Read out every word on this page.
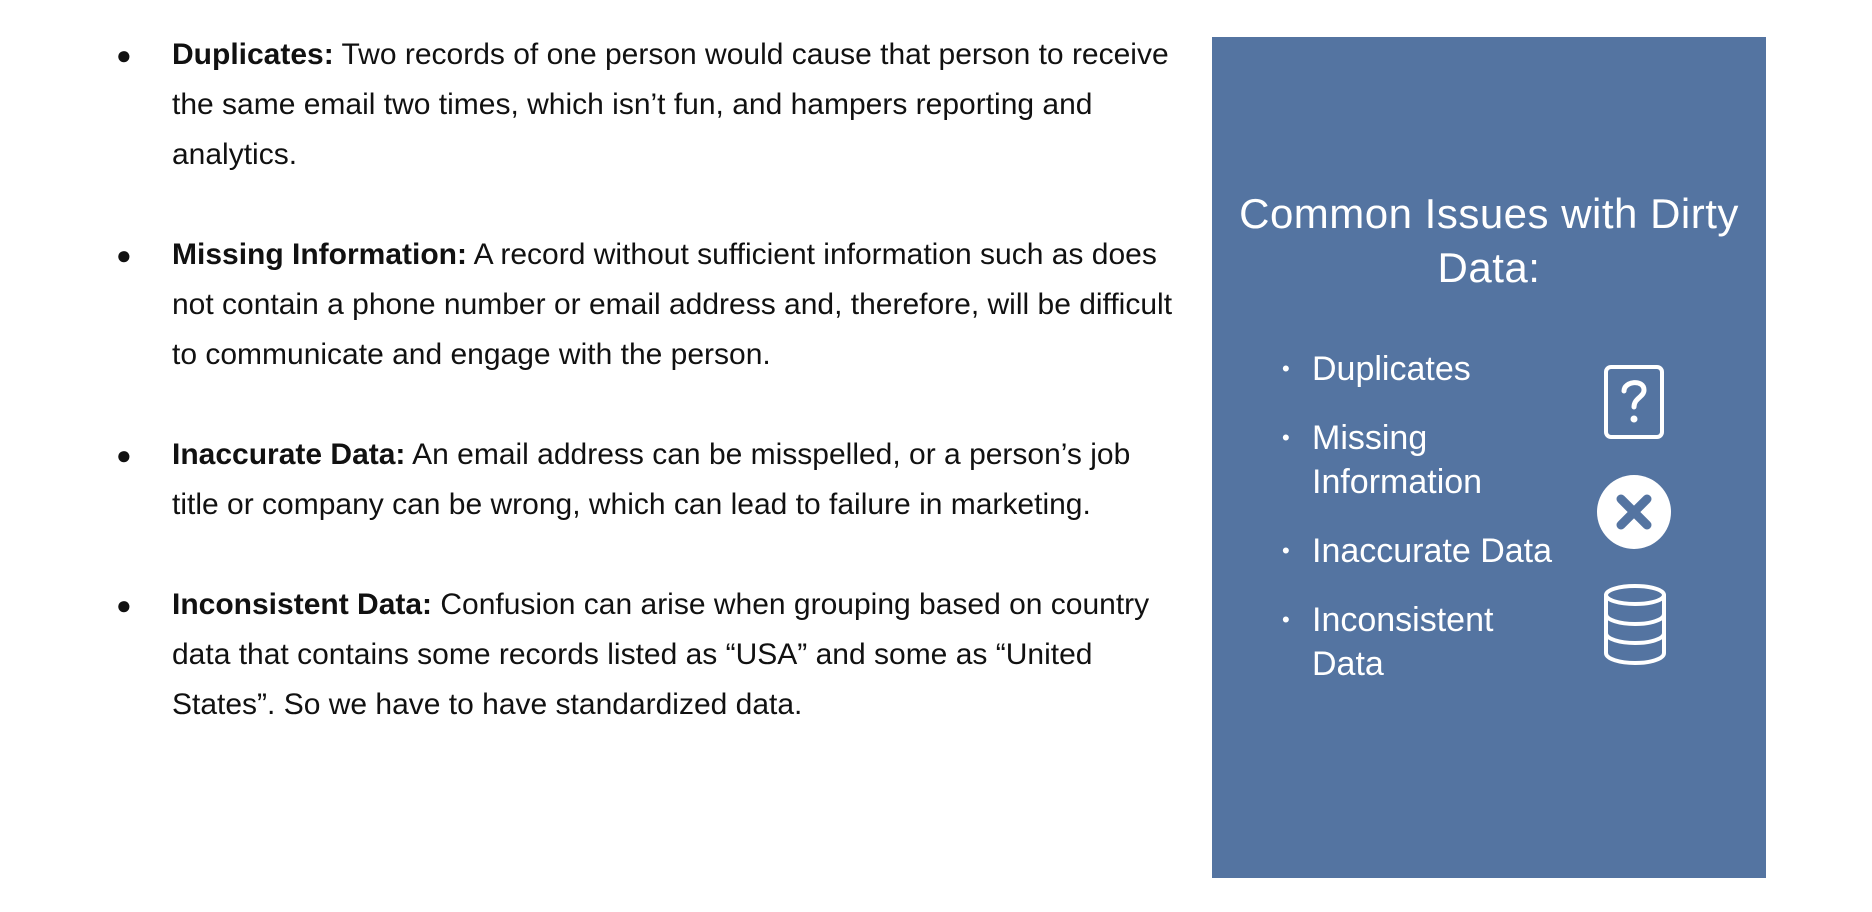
● Duplicates: Two records of one person would cause that person to receive the same email two times, which isn’t fun, and hampers reporting and analytics.
● Missing Information: A record without sufficient information such as does not contain a phone number or email address and, therefore, will be difficult to communicate and engage with the person.
● Inaccurate Data: An email address can be misspelled, or a person’s job title or company can be wrong, which can lead to failure in marketing.
● Inconsistent Data: Confusion can arise when grouping based on country data that contains some records listed as “USA” and some as “United States”. So we have to have standardized data.
Common Issues with Dirty Data:
• Duplicates
• Missing
Information
• Inaccurate Data
• Inconsistent
Data
